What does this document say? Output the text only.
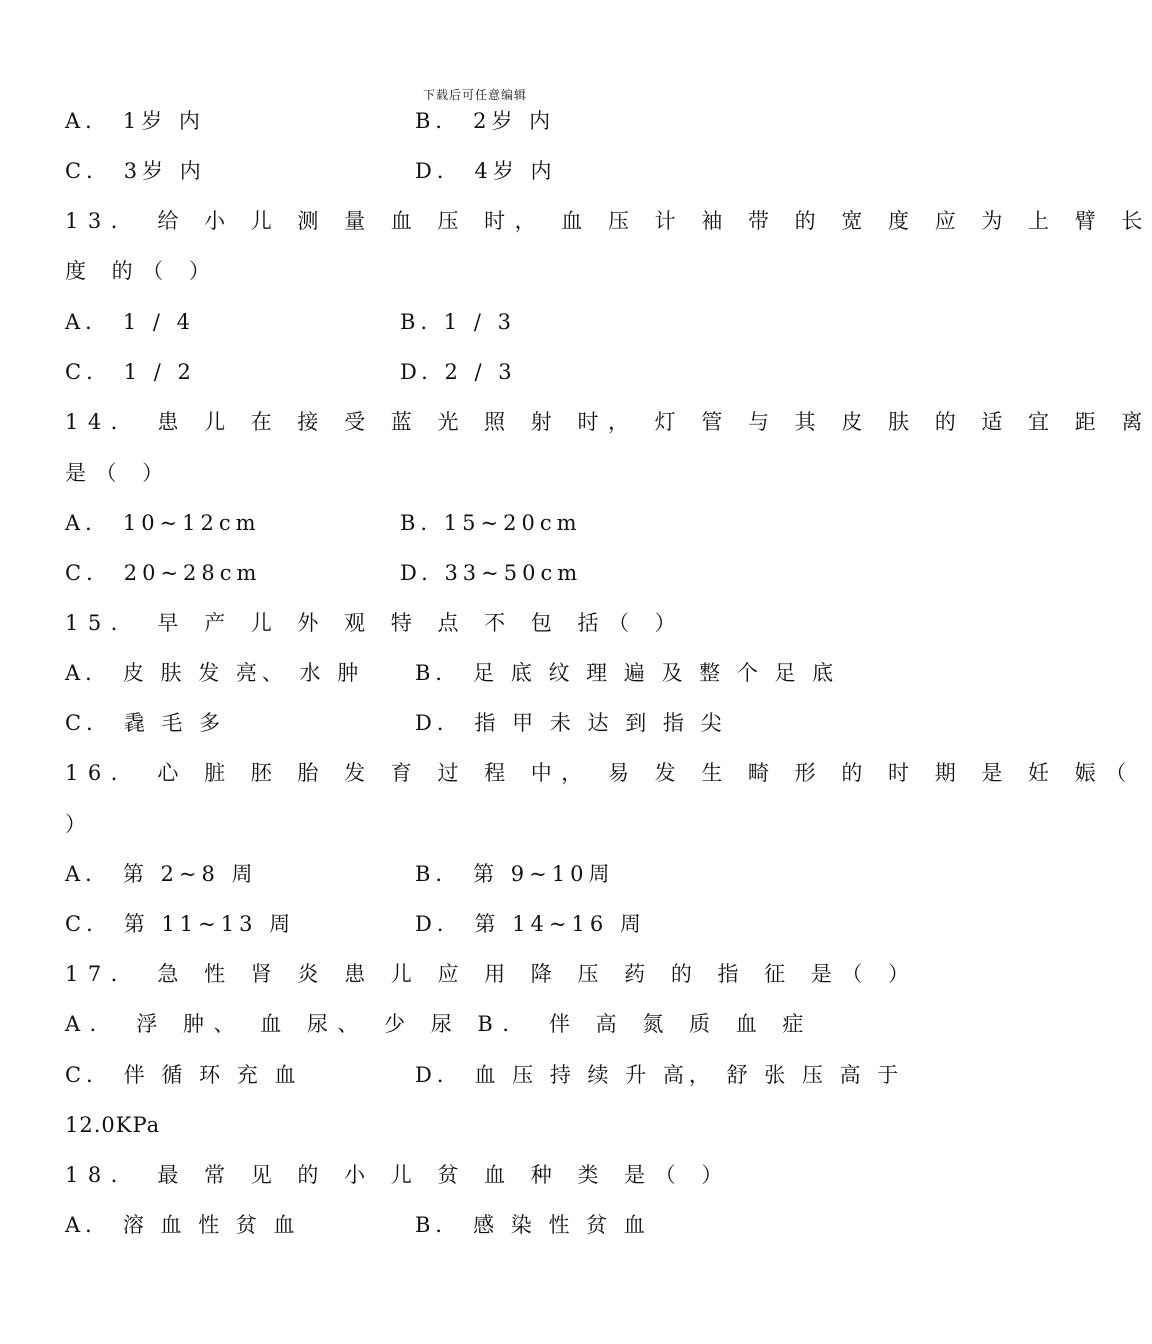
下载后可任意编辑
A． 1岁 内	B． 2岁 内
C． 3岁 内	D． 4岁 内
13． 给 小 儿 测 量 血 压 时， 血 压 计 袖 带 的 宽 度 应 为 上 臂 长
度 的（ ）
A． 1 / 4	B. 1 / 3
C． 1 / 2	D. 2 / 3
14． 患 儿 在 接 受 蓝 光 照 射 时， 灯 管 与 其 皮 肤 的 适 宜 距 离
是（ ）
A． 10~12cm	B. 15~20cm
C． 20~28cm	D. 33~50cm
15． 早 产 儿 外 观 特 点 不 包 括（ ）
A． 皮 肤 发 亮、 水 肿 B． 足 底 纹 理 遍 及 整 个 足 底
C． 毳 毛 多	D． 指 甲 未 达 到 指 尖
16． 心 脏 胚 胎 发 育 过 程 中， 易 发 生 畸 形 的 时 期 是 妊 娠（
）
A． 第 2~8 周	B． 第 9~10周
C． 第 11~13 周	D． 第 14~16 周
17． 急 性 肾 炎 患 儿 应 用 降 压 药 的 指 征 是（ ）
A． 浮 肿、 血 尿、 少 尿 B． 伴 高 氮 质 血 症
C． 伴 循 环 充 血	D． 血 压 持 续 升 高， 舒 张 压 高 于
12.0KPa
18． 最 常 见 的 小 儿 贫 血 种 类 是（ ）
A． 溶 血 性 贫 血	B． 感 染 性 贫 血
